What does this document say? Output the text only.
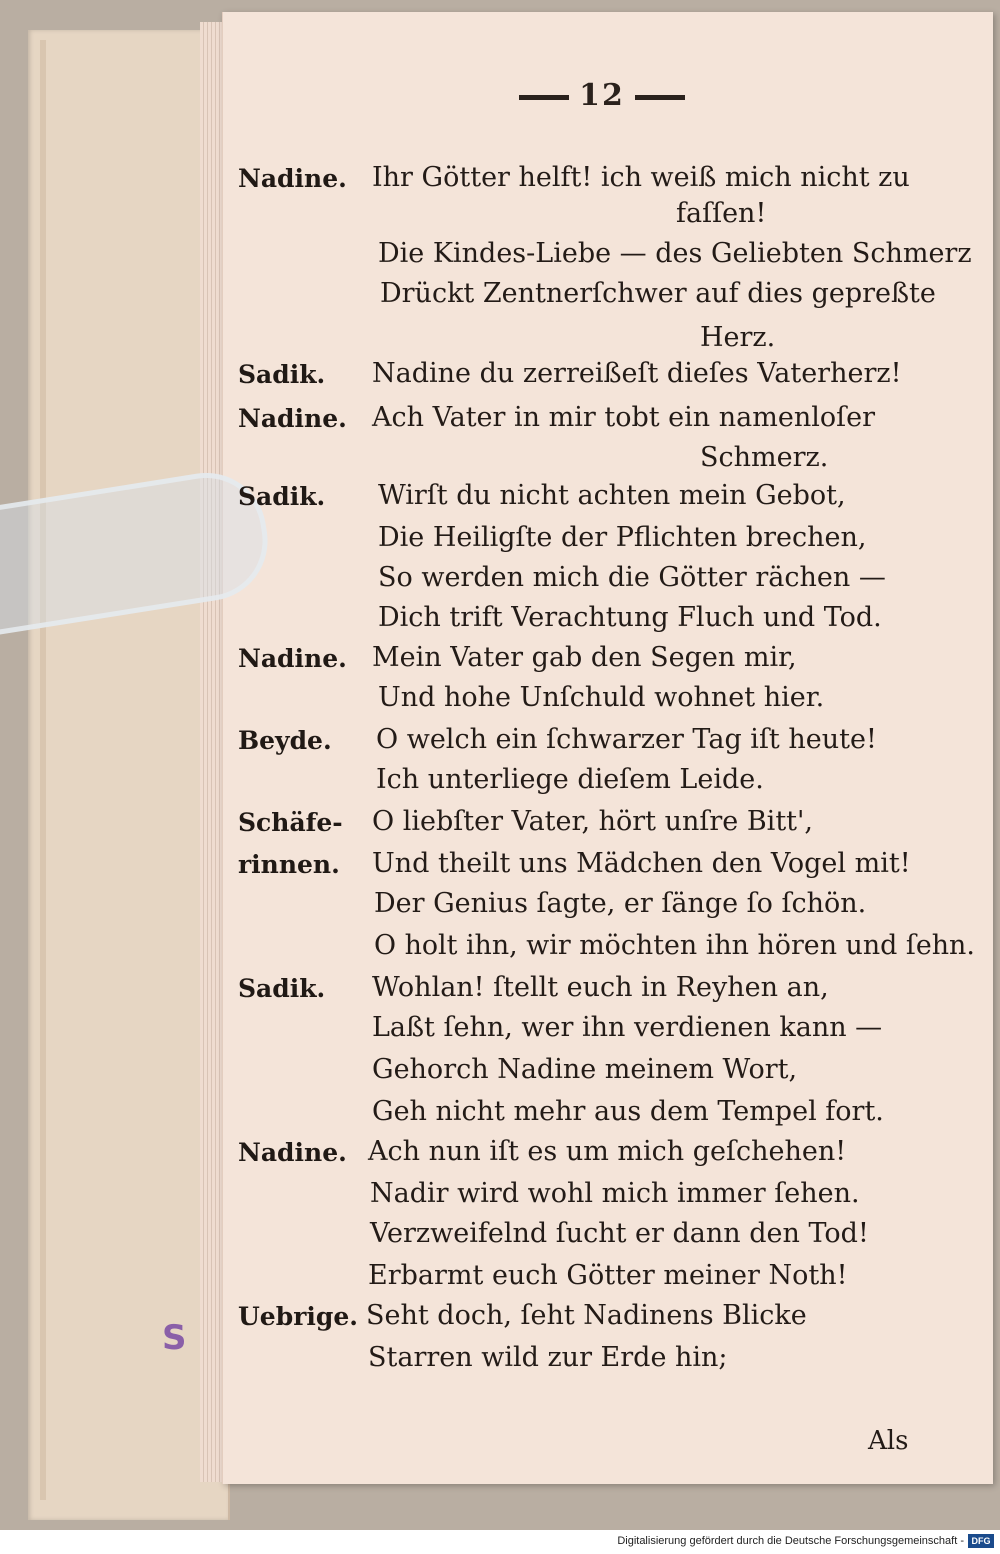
S
12
Nadine. Ihr Götter helft! ich weiß mich nicht zu
faſſen!
Die Kindes-Liebe — des Geliebten Schmerz
Drückt Zentnerſchwer auf dies gepreßte
Herz.
Sadik. Nadine du zerreißeſt dieſes Vaterherz!
Nadine. Ach Vater in mir tobt ein namenloſer
Schmerz.
Sadik. Wirſt du nicht achten mein Gebot,
Die Heiligſte der Pflichten brechen,
So werden mich die Götter rächen —
Dich trift Verachtung Fluch und Tod.
Nadine. Mein Vater gab den Segen mir,
Und hohe Unſchuld wohnet hier.
Beyde. O welch ein ſchwarzer Tag iſt heute!
Ich unterliege dieſem Leide.
Schäfe- O liebſter Vater, hört unſre Bitt',
rinnen. Und theilt uns Mädchen den Vogel mit!
Der Genius ſagte, er ſänge ſo ſchön.
O holt ihn, wir möchten ihn hören und ſehn.
Sadik. Wohlan! ſtellt euch in Reyhen an,
Laßt ſehn, wer ihn verdienen kann —
Gehorch Nadine meinem Wort,
Geh nicht mehr aus dem Tempel fort.
Nadine. Ach nun iſt es um mich geſchehen!
Nadir wird wohl mich immer ſehen.
Verzweifelnd ſucht er dann den Tod!
Erbarmt euch Götter meiner Noth!
Uebrige. Seht doch, ſeht Nadinens Blicke
Starren wild zur Erde hin;
Als
Digitalisierung gefördert durch die Deutsche Forschungsgemeinschaft - DFG
